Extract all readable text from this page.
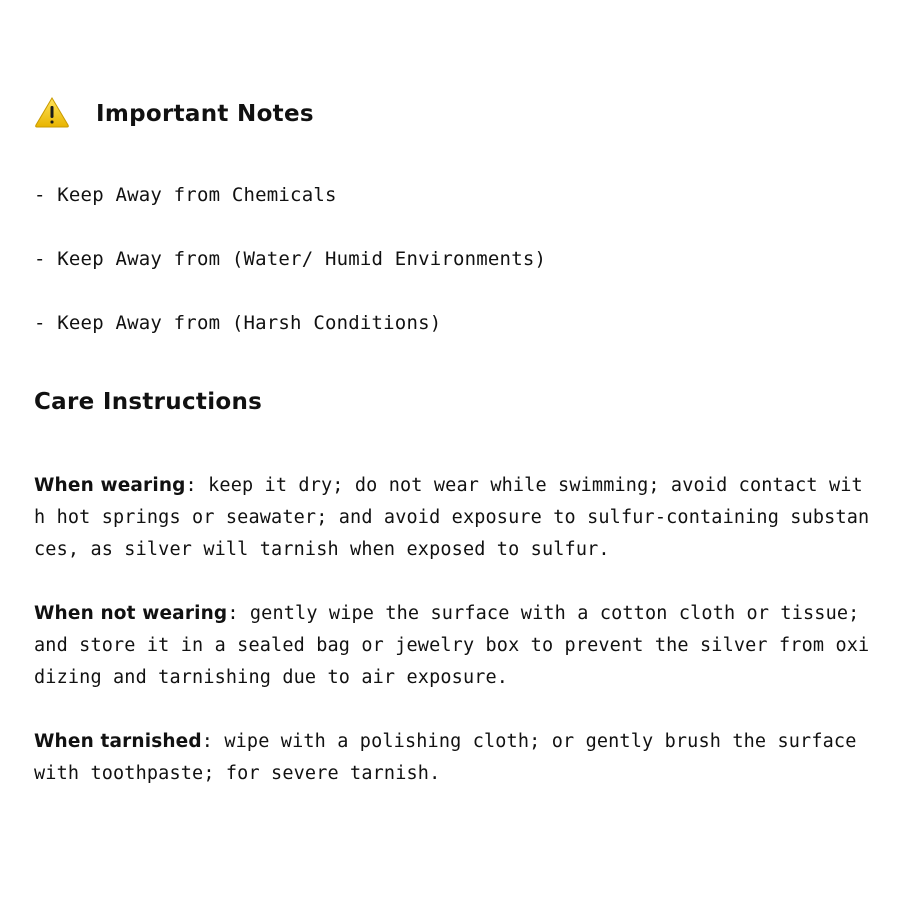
Important Notes
- Keep Away from Chemicals
- Keep Away from (Water/ Humid Environments)
- Keep Away from (Harsh Conditions)
Care Instructions

When wearing: keep it dry; do not wear while swimming; avoid contact with hot springs or seawater; and avoid exposure to sulfur-containing substances, as silver will tarnish when exposed to sulfur.

When not wearing: gently wipe the surface with a cotton cloth or tissue; and store it in a sealed bag or jewelry box to prevent the silver from oxidizing and tarnishing due to air exposure.

When tarnished: wipe with a polishing cloth; or gently brush the surface with toothpaste; for severe tarnish.
